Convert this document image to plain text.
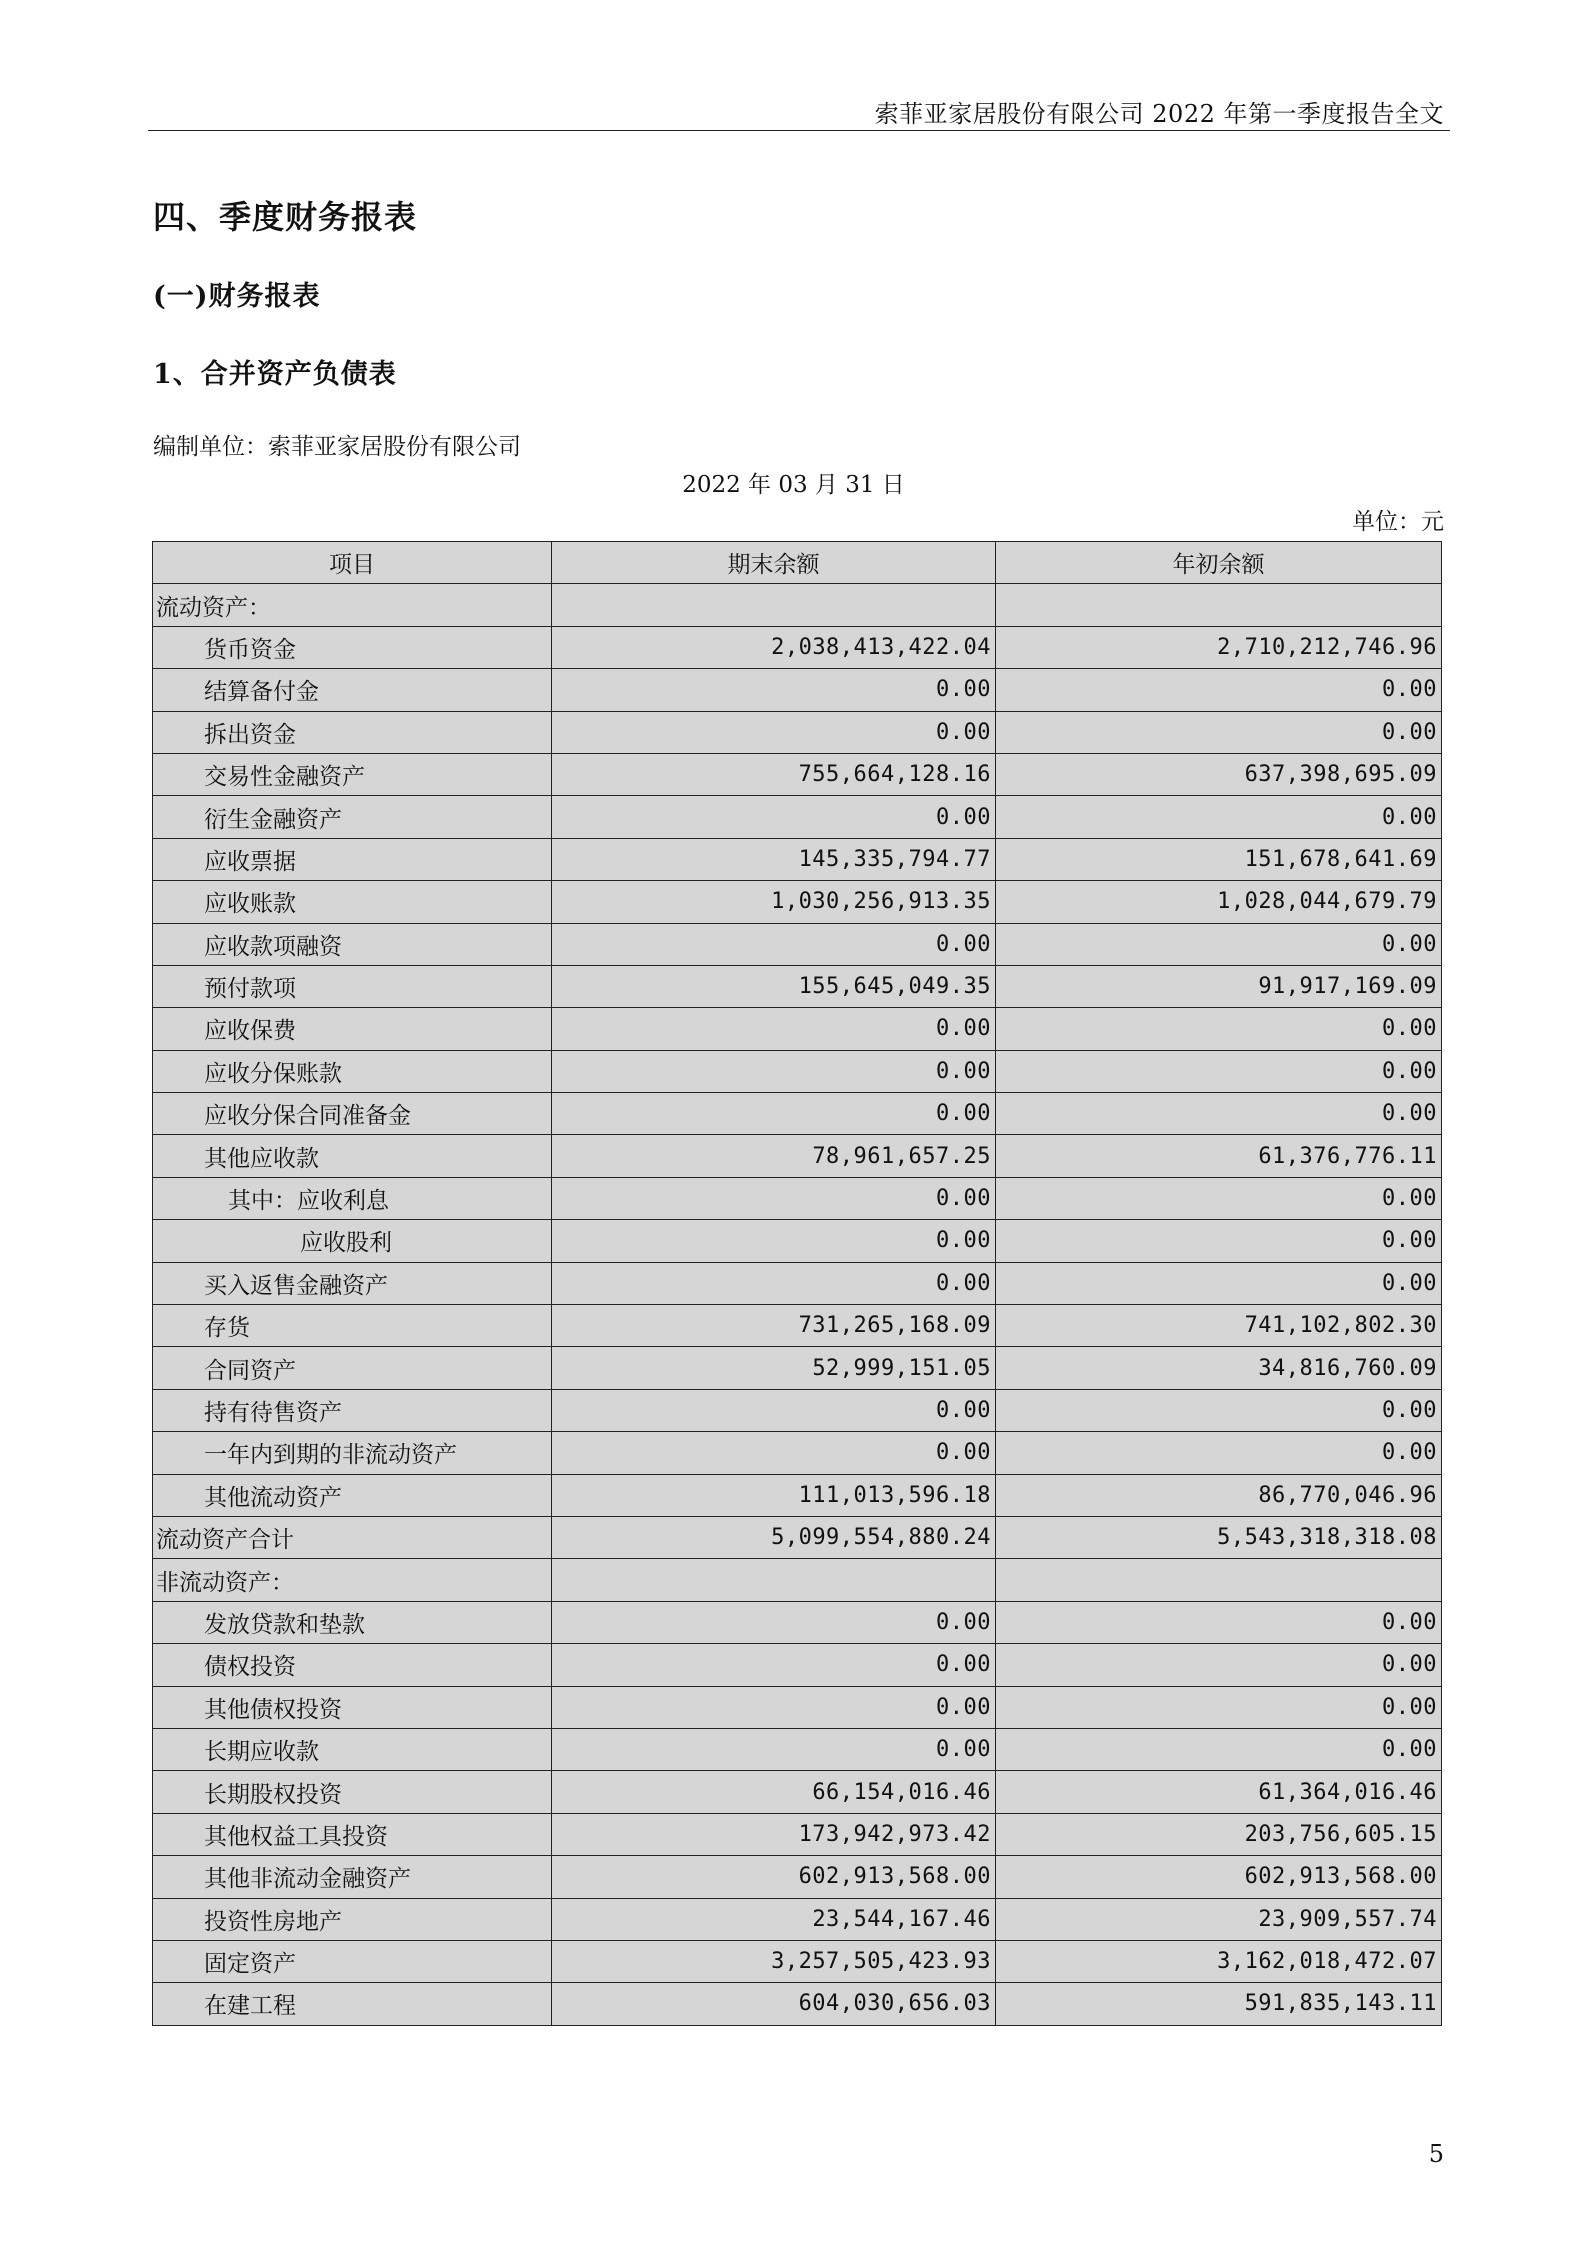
索菲亚家居股份有限公司 2022 年第一季度报告全文
四、季度财务报表
(一)财务报表
1、合并资产负债表
编制单位：索菲亚家居股份有限公司
2022 年 03 月 31 日
单位：元
项目	期末余额	年初余额
流动资产：		
货币资金	2,038,413,422.04	2,710,212,746.96
结算备付金	0.00	0.00
拆出资金	0.00	0.00
交易性金融资产	755,664,128.16	637,398,695.09
衍生金融资产	0.00	0.00
应收票据	145,335,794.77	151,678,641.69
应收账款	1,030,256,913.35	1,028,044,679.79
应收款项融资	0.00	0.00
预付款项	155,645,049.35	91,917,169.09
应收保费	0.00	0.00
应收分保账款	0.00	0.00
应收分保合同准备金	0.00	0.00
其他应收款	78,961,657.25	61,376,776.11
其中：应收利息	0.00	0.00
应收股利	0.00	0.00
买入返售金融资产	0.00	0.00
存货	731,265,168.09	741,102,802.30
合同资产	52,999,151.05	34,816,760.09
持有待售资产	0.00	0.00
一年内到期的非流动资产	0.00	0.00
其他流动资产	111,013,596.18	86,770,046.96
流动资产合计	5,099,554,880.24	5,543,318,318.08
非流动资产：		
发放贷款和垫款	0.00	0.00
债权投资	0.00	0.00
其他债权投资	0.00	0.00
长期应收款	0.00	0.00
长期股权投资	66,154,016.46	61,364,016.46
其他权益工具投资	173,942,973.42	203,756,605.15
其他非流动金融资产	602,913,568.00	602,913,568.00
投资性房地产	23,544,167.46	23,909,557.74
固定资产	3,257,505,423.93	3,162,018,472.07
在建工程	604,030,656.03	591,835,143.11
5
